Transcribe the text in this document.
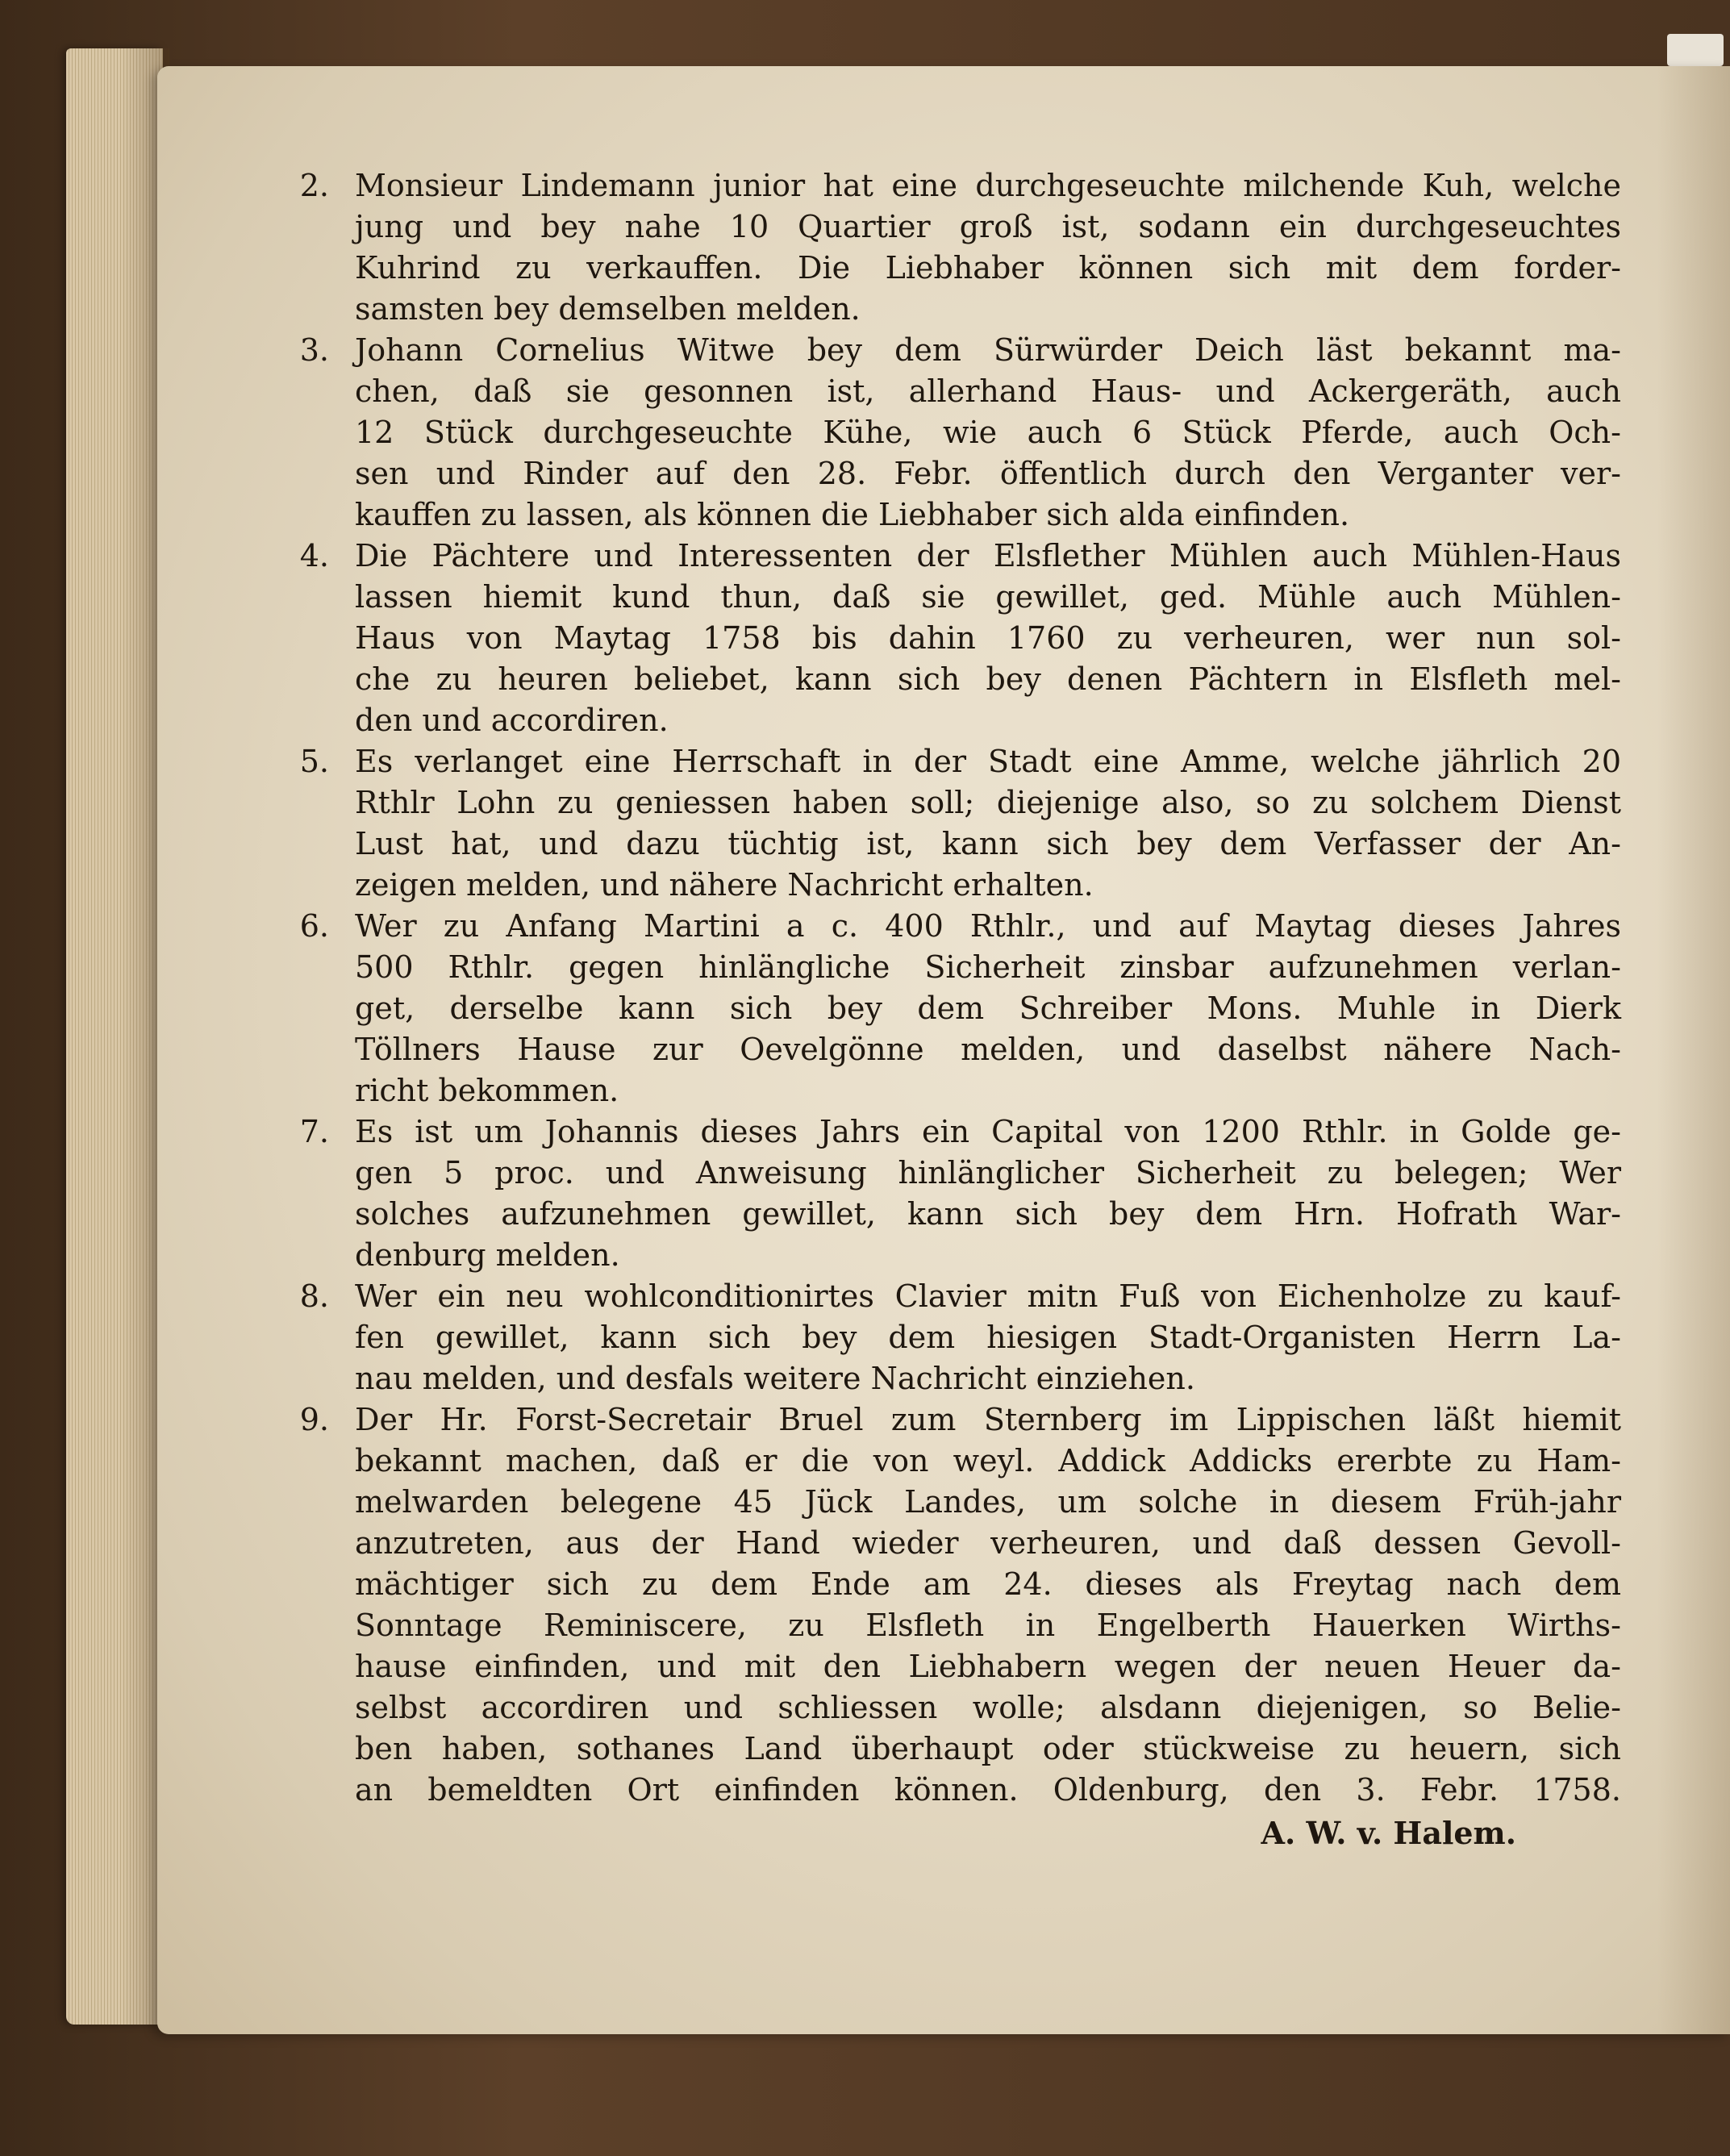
2. Monsieur Lindemann junior hat eine durchgeseuchte milchende Kuh, welche
jung und bey nahe 10 Quartier groß ist, sodann ein durchgeseuchtes
Kuhrind zu verkauffen. Die Liebhaber können sich mit dem forder-
samsten bey demselben melden.
3. Johann Cornelius Witwe bey dem Sürwürder Deich läst bekannt ma-
chen, daß sie gesonnen ist, allerhand Haus- und Ackergeräth, auch
12 Stück durchgeseuchte Kühe, wie auch 6 Stück Pferde, auch Och-
sen und Rinder auf den 28. Febr. öffentlich durch den Verganter ver-
kauffen zu lassen, als können die Liebhaber sich alda einfinden.
4. Die Pächtere und Interessenten der Elsflether Mühlen auch Mühlen-Haus
lassen hiemit kund thun, daß sie gewillet, ged. Mühle auch Mühlen-
Haus von Maytag 1758 bis dahin 1760 zu verheuren, wer nun sol-
che zu heuren beliebet, kann sich bey denen Pächtern in Elsfleth mel-
den und accordiren.
5. Es verlanget eine Herrschaft in der Stadt eine Amme, welche jährlich 20
Rthlr Lohn zu geniessen haben soll; diejenige also, so zu solchem Dienst
Lust hat, und dazu tüchtig ist, kann sich bey dem Verfasser der An-
zeigen melden, und nähere Nachricht erhalten.
6. Wer zu Anfang Martini a c. 400 Rthlr., und auf Maytag dieses Jahres
500 Rthlr. gegen hinlängliche Sicherheit zinsbar aufzunehmen verlan-
get, derselbe kann sich bey dem Schreiber Mons. Muhle in Dierk
Töllners Hause zur Oevelgönne melden, und daselbst nähere Nach-
richt bekommen.
7. Es ist um Johannis dieses Jahrs ein Capital von 1200 Rthlr. in Golde ge-
gen 5 proc. und Anweisung hinlänglicher Sicherheit zu belegen; Wer
solches aufzunehmen gewillet, kann sich bey dem Hrn. Hofrath War-
denburg melden.
8. Wer ein neu wohlconditionirtes Clavier mitn Fuß von Eichenholze zu kauf-
fen gewillet, kann sich bey dem hiesigen Stadt-Organisten Herrn La-
nau melden, und desfals weitere Nachricht einziehen.
9. Der Hr. Forst-Secretair Bruel zum Sternberg im Lippischen läßt hiemit
bekannt machen, daß er die von weyl. Addick Addicks ererbte zu Ham-
melwarden belegene 45 Jück Landes, um solche in diesem Früh-jahr
anzutreten, aus der Hand wieder verheuren, und daß dessen Gevoll-
mächtiger sich zu dem Ende am 24. dieses als Freytag nach dem
Sonntage Reminiscere, zu Elsfleth in Engelberth Hauerken Wirths-
hause einfinden, und mit den Liebhabern wegen der neuen Heuer da-
selbst accordiren und schliessen wolle; alsdann diejenigen, so Belie-
ben haben, sothanes Land überhaupt oder stückweise zu heuern, sich
an bemeldten Ort einfinden können. Oldenburg, den 3. Febr. 1758.
A. W. v. Halem.
